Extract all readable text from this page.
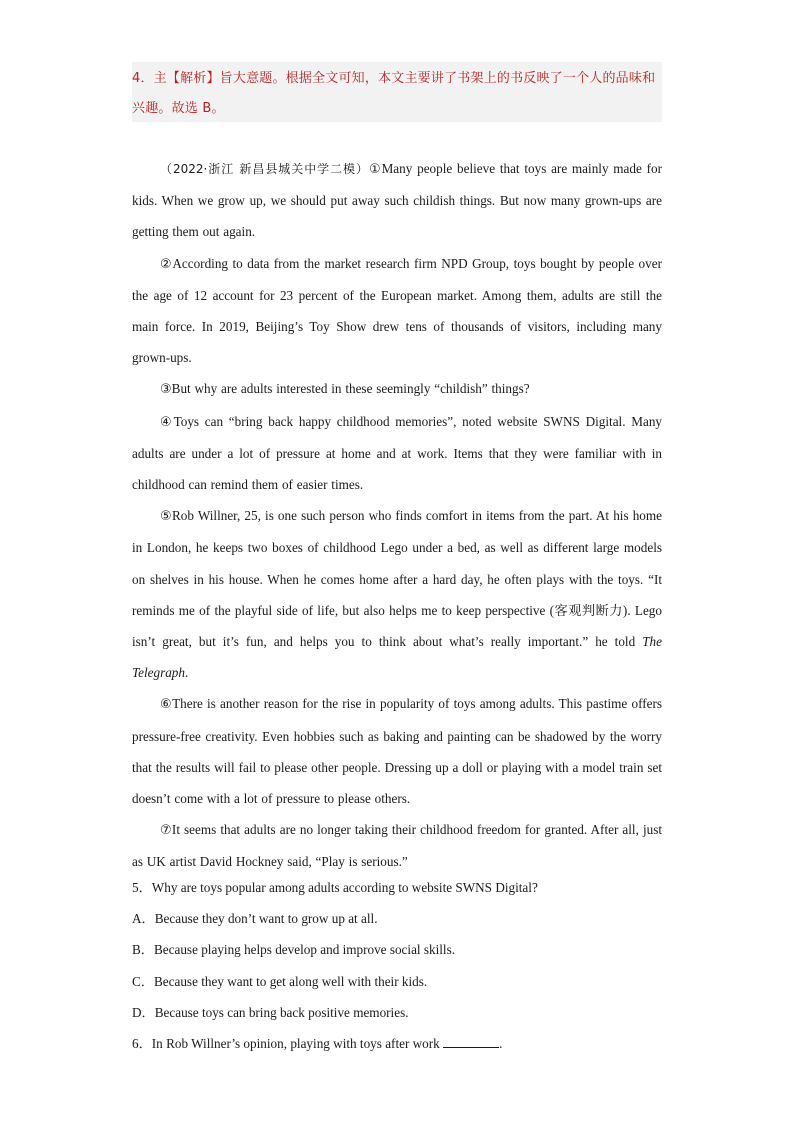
4．主【解析】旨大意题。根据全文可知，本文主要讲了书架上的书反映了一个人的品味和兴趣。故选 B。

（2022·浙江 新昌县城关中学二模）①Many people believe that toys are mainly made for kids. When we grow up, we should put away such childish things. But now many grown-ups are getting them out again.

②According to data from the market research firm NPD Group, toys bought by people over the age of 12 account for 23 percent of the European market. Among them, adults are still the main force. In 2019, Beijing’s Toy Show drew tens of thousands of visitors, including many grown-ups.

③But why are adults interested in these seemingly “childish” things?

④Toys can “bring back happy childhood memories”, noted website SWNS Digital. Many adults are under a lot of pressure at home and at work. Items that they were familiar with in childhood can remind them of easier times.

⑤Rob Willner, 25, is one such person who finds comfort in items from the part. At his home in London, he keeps two boxes of childhood Lego under a bed, as well as different large models on shelves in his house. When he comes home after a hard day, he often plays with the toys. “It reminds me of the playful side of life, but also helps me to keep perspective (客观判断力). Lego isn’t great, but it’s fun, and helps you to think about what’s really important.” he told The Telegraph.

⑥There is another reason for the rise in popularity of toys among adults. This pastime offers pressure-free creativity. Even hobbies such as baking and painting can be shadowed by the worry that the results will fail to please other people. Dressing up a doll or playing with a model train set doesn’t come with a lot of pressure to please others.

⑦It seems that adults are no longer taking their childhood freedom for granted. After all, just as UK artist David Hockney said, “Play is serious.”

5．Why are toys popular among adults according to website SWNS Digital?

A．Because they don’t want to grow up at all.

B．Because playing helps develop and improve social skills.

C．Because they want to get along well with their kids.

D．Because toys can bring back positive memories.

6．In Rob Willner’s opinion, playing with toys after work	.
